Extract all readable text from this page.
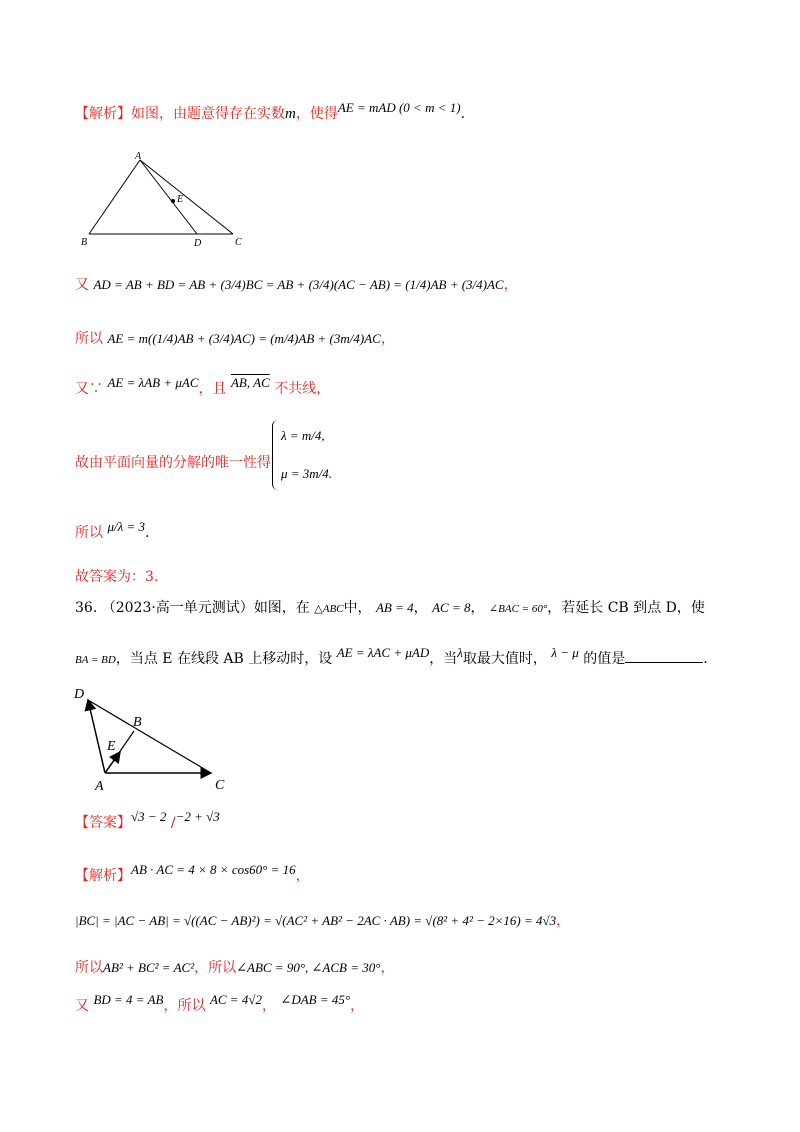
【解析】如图，由题意得存在实数m，使得AE = mAD (0 < m < 1).
A
E
B	D	C
又 AD = AB + BD = AB + (3/4)BC = AB + (3/4)(AC − AB) = (1/4)AB + (3/4)AC，
所以 AE = m((1/4)AB + (3/4)AC) = (m/4)AB + (3m/4)AC，
又∵ AE = λAB + μAC，且 AB, AC 不共线，
故由平面向量的分解的唯一性得
λ = m/4,
μ = 3m/4.
所以 μ/λ = 3.
故答案为：3.
36. （2023·高一单元测试）如图，在 △ABC中， AB = 4， AC = 8， ∠BAC = 60°，若延长 CB 到点 D，使
BA = BD，当点 E 在线段 AB 上移动时，设 AE = λAC + μAD，当λ取最大值时， λ − μ 的值是	.
D
B
E
A	C
【答案】√3 − 2 /−2 + √3
【解析】AB · AC = 4 × 8 × cos60° = 16，
|BC| = |AC − AB| = √((AC − AB)²) = √(AC² + AB² − 2AC · AB) = √(8² + 4² − 2×16) = 4√3，
所以AB² + BC² = AC²，所以∠ABC = 90°, ∠ACB = 30°，
又 BD = 4 = AB，所以 AC = 4√2， ∠DAB = 45°，
